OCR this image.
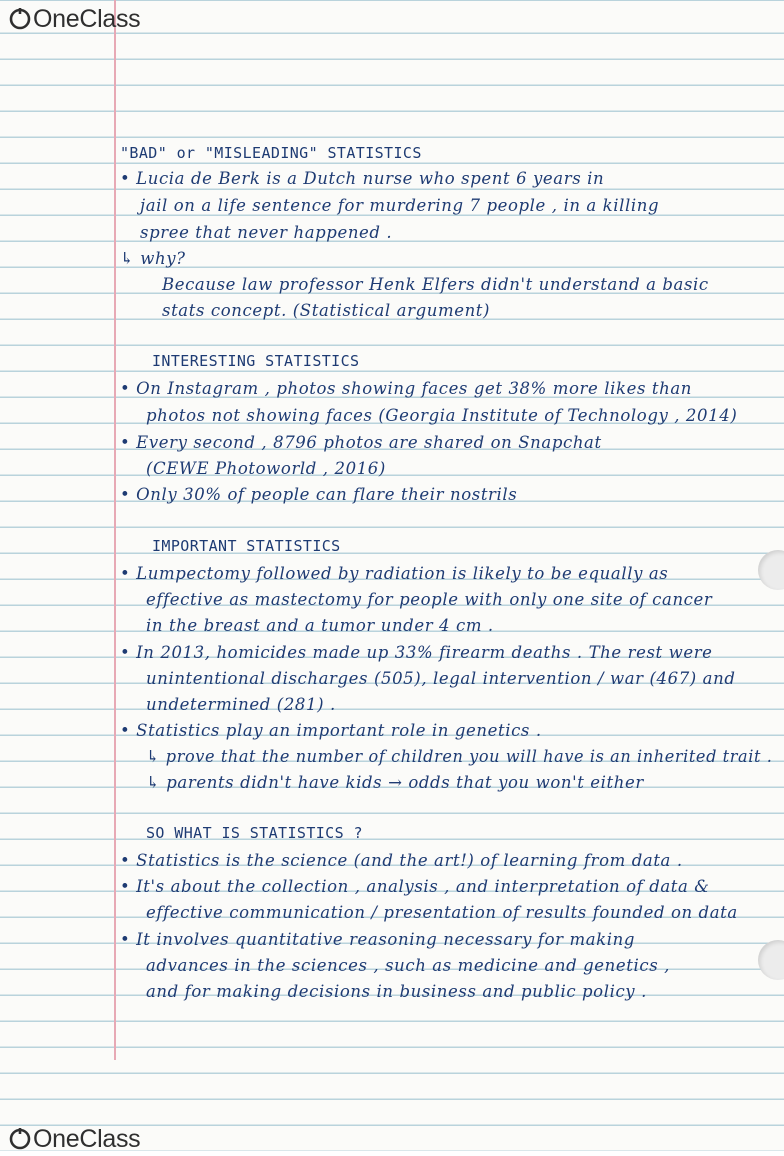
OneClass
OneClass
"BAD" or "MISLEADING" STATISTICS
• Lucia de Berk is a Dutch nurse who spent 6 years in
jail on a life sentence for murdering 7 people , in a killing
spree that never happened .
↳ why?
Because law professor Henk Elfers didn't understand a basic
stats concept. (Statistical argument)
INTERESTING STATISTICS
• On Instagram , photos showing faces get 38% more likes than
photos not showing faces (Georgia Institute of Technology , 2014)
• Every second , 8796 photos are shared on Snapchat
(CEWE Photoworld , 2016)
• Only 30% of people can flare their nostrils
IMPORTANT STATISTICS
• Lumpectomy followed by radiation is likely to be equally as
effective as mastectomy for people with only one site of cancer
in the breast and a tumor under 4 cm .
• In 2013, homicides made up 33% firearm deaths . The rest were
unintentional discharges (505), legal intervention / war (467) and
undetermined (281) .
• Statistics play an important role in genetics .
↳ prove that the number of children you will have is an inherited trait .
↳ parents didn't have kids → odds that you won't either
SO WHAT IS STATISTICS ?
• Statistics is the science (and the art!) of learning from data .
• It's about the collection , analysis , and interpretation of data &
effective communication / presentation of results founded on data
• It involves quantitative reasoning necessary for making
advances in the sciences , such as medicine and genetics ,
and for making decisions in business and public policy .
